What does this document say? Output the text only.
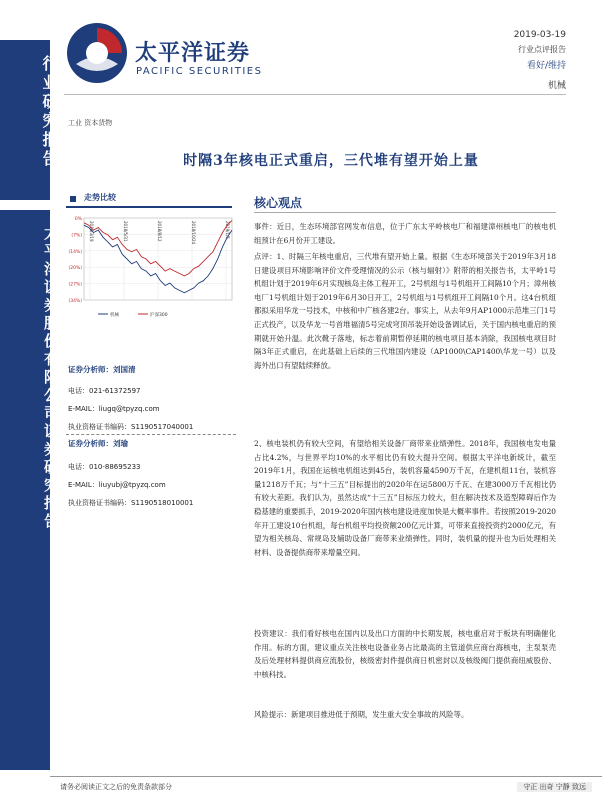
行业研究报告
太平洋证券股份有限公司证券研究报告
太平洋证券
PACIFIC SECURITIES
2019-03-19
行业点评报告
看好/维持
机械
工业 资本货物
时隔3年核电正式重启，三代堆有望开始上量
走势比较
0%
(7%)
(14%)
(20%)
(27%)
(34%)
2018/3/19	2018/5/31	2018/8/12	2018/10/24	2019/1/5
机械	沪深300
证券分析师：刘国清
电话：021-61372597
E-MAIL：liugq@tpyzq.com
执业资格证书编码：S1190517040001
证券分析师：刘瑜
电话：010-88695233
E-MAIL：liuyubj@tpyzq.com
执业资格证书编码：S1190518010001
核心观点
事件：近日，生态环境部官网发布信息，位于广东太平岭核电厂和福建漳州核电厂的核电机组预计在6月份开工建设。
点评：1、时隔三年核电重启，三代堆有望开始上量。根据《生态环境部关于2019年3月18日建设项目环境影响评价文件受理情况的公示（核与辐射）》附带的相关报告书，太平岭1号机组计划于2019年6月实现核岛主体工程开工，2号机组与1号机组开工间隔10个月；漳州核电厂1号机组计划于2019年6月30日开工，2号机组与1号机组开工间隔10个月。这4台机组都拟采用华龙一号技术，中核和中广核各建2台。事实上，从去年9月AP1000示范堆三门1号正式投产，以及华龙一号首堆福清5号完成穹顶吊装开始设备调试后，关于国内核电重启的预期就开始升温。此次靴子落地，标志着前期暂停延期的核电项目基本消除，我国核电项目时隔3年正式重启，在此基础上后续的三代堆国内建设（AP1000\CAP1400\华龙一号）以及海外出口有望陆续释放。
2、核电装机仍有较大空间，有望给相关设备厂商带来业绩弹性。2018年，我国核电发电量占比4.2%，与世界平均10%的水平相比仍有较大提升空间。根据太平洋电新统计，截至2019年1月，我国在运核电机组达到45台，装机容量4590万千瓦，在建机组11台，装机容量1218万千瓦；与“十三五”目标提出的2020年在运5800万千瓦、在建3000万千瓦相比仍有较大差距。我们认为，虽然达成“十三五”目标压力较大，但在解决技术及造型障碍后作为稳基建的重要抓手，2019-2020年国内核电建设进度加快是大概率事件。若按照2019-2020年开工建设10台机组，每台机组平均投资额200亿元计算，可带来直接投资约2000亿元，有望为相关核岛、常规岛及辅助设备厂商带来业绩弹性。同时，装机量的提升也为后处理相关材料、设备提供商带来增量空间。
投资建议：我们看好核电在国内以及出口方面的中长期发展，核电重启对于板块有明确催化作用。标的方面，建议重点关注核电设备业务占比最高的主管道供应商台海核电，主泵泵壳及后处理材料提供商应流股份，核级密封件提供商日机密封以及核级阀门提供商纽威股份、中核科技。
风险提示：新建项目推进低于预期，发生重大安全事故的风险等。
请务必阅读正文之后的免责条款部分	守正 出奇 宁静 致远
